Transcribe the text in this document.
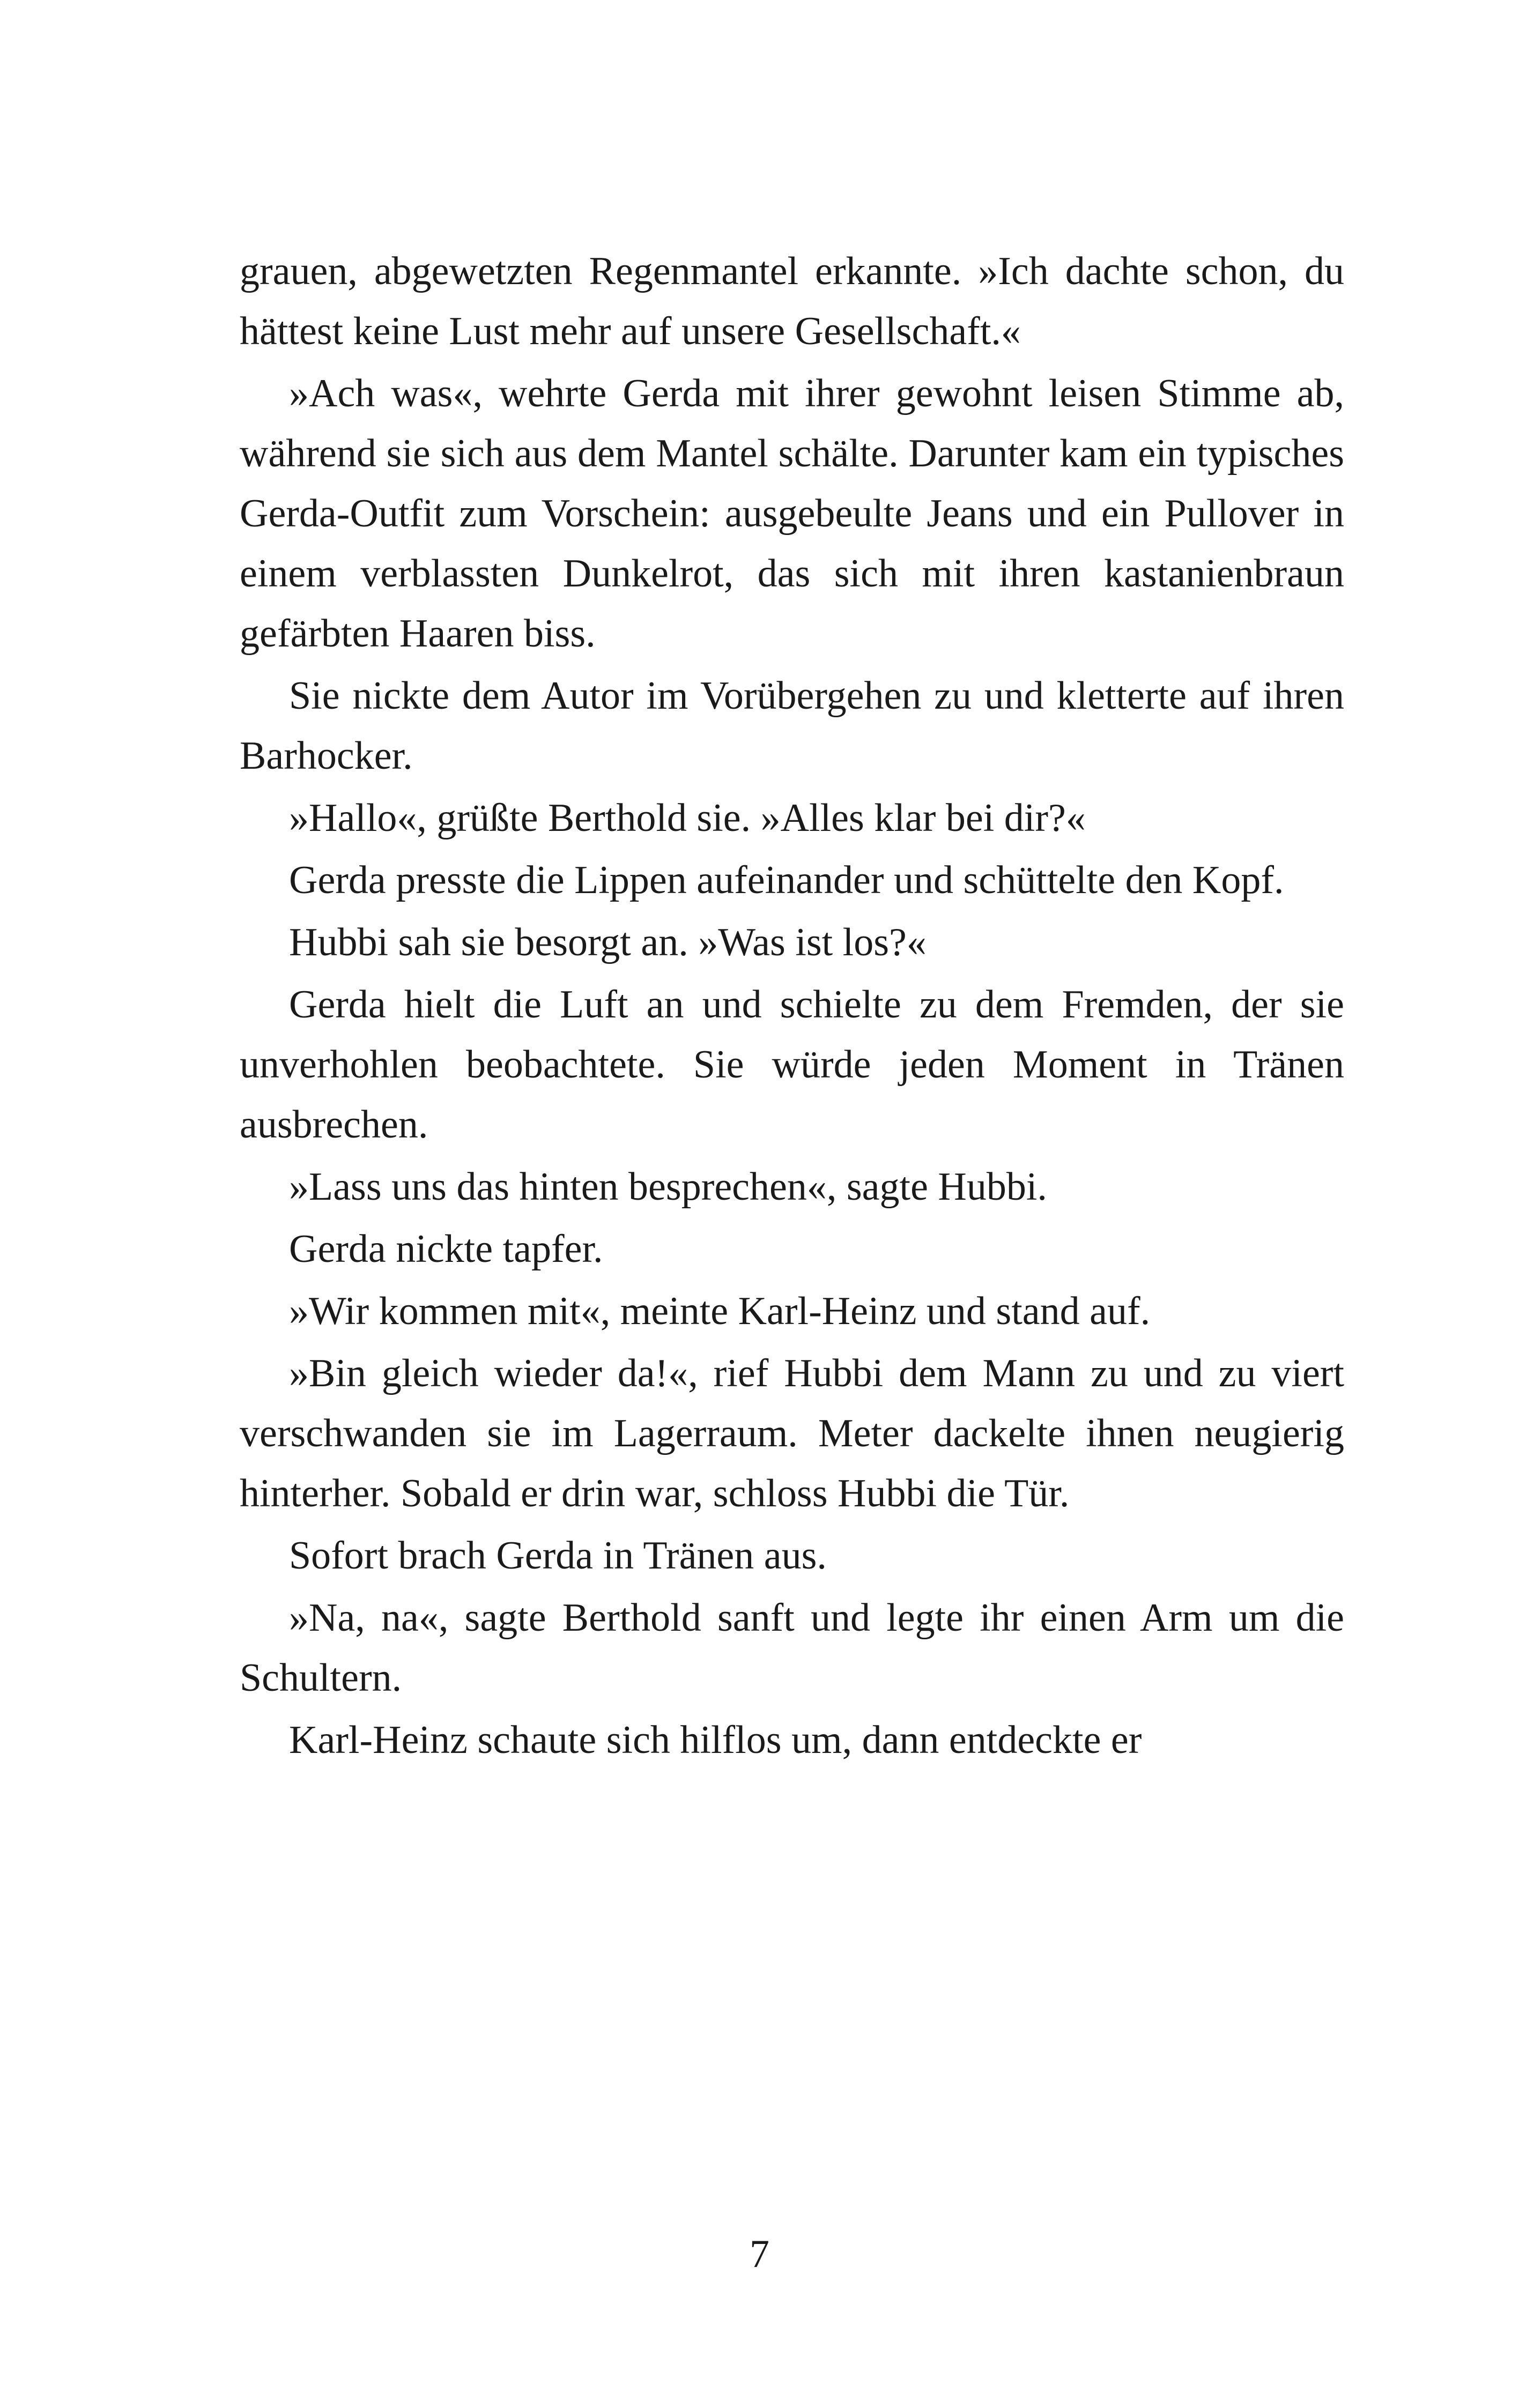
grauen, abgewetzten Regenmantel erkannte. »Ich dachte schon, du hättest keine Lust mehr auf unsere Gesellschaft.«

»Ach was«, wehrte Gerda mit ihrer gewohnt leisen Stimme ab, während sie sich aus dem Mantel schälte. Darunter kam ein typisches Gerda-Outfit zum Vorschein: ausgebeulte Jeans und ein Pullover in einem verblassten Dunkelrot, das sich mit ihren kastanienbraun gefärbten Haaren biss.

Sie nickte dem Autor im Vorübergehen zu und kletterte auf ihren Barhocker.

»Hallo«, grüßte Berthold sie. »Alles klar bei dir?«

Gerda presste die Lippen aufeinander und schüttelte den Kopf.

Hubbi sah sie besorgt an. »Was ist los?«

Gerda hielt die Luft an und schielte zu dem Fremden, der sie unverhohlen beobachtete. Sie würde jeden Moment in Tränen ausbrechen.

»Lass uns das hinten besprechen«, sagte Hubbi.

Gerda nickte tapfer.

»Wir kommen mit«, meinte Karl-Heinz und stand auf.

»Bin gleich wieder da!«, rief Hubbi dem Mann zu und zu viert verschwanden sie im Lagerraum. Meter dackelte ihnen neugierig hinterher. Sobald er drin war, schloss Hubbi die Tür.

Sofort brach Gerda in Tränen aus.

»Na, na«, sagte Berthold sanft und legte ihr einen Arm um die Schultern.

Karl-Heinz schaute sich hilflos um, dann entdeckte er

7
